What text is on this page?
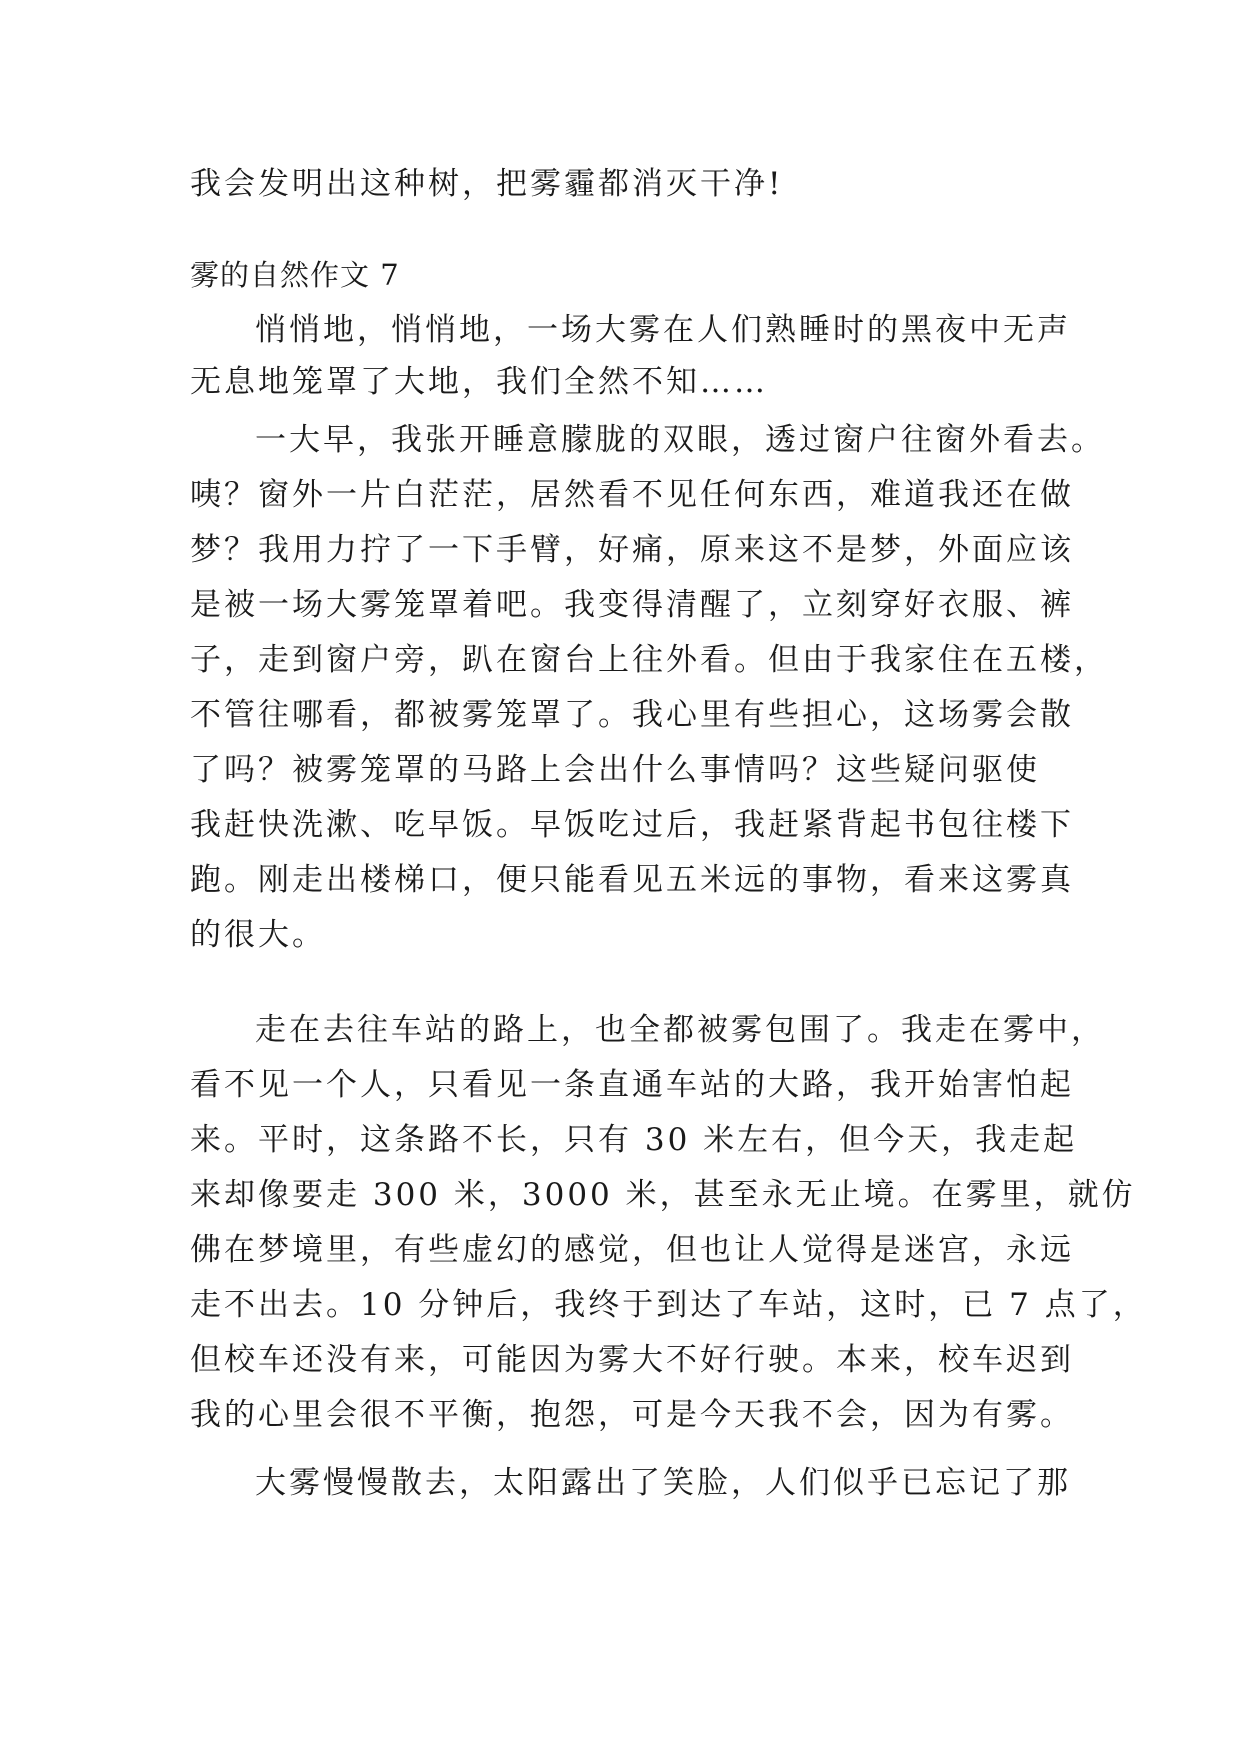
我会发明出这种树，把雾霾都消灭干净!
雾的自然作文 7
悄悄地，悄悄地，一场大雾在人们熟睡时的黑夜中无声
无息地笼罩了大地，我们全然不知……
一大早，我张开睡意朦胧的双眼，透过窗户往窗外看去。
咦？窗外一片白茫茫，居然看不见任何东西，难道我还在做
梦？我用力拧了一下手臂，好痛，原来这不是梦，外面应该
是被一场大雾笼罩着吧。我变得清醒了，立刻穿好衣服、裤
子，走到窗户旁，趴在窗台上往外看。但由于我家住在五楼，
不管往哪看，都被雾笼罩了。我心里有些担心，这场雾会散
了吗？被雾笼罩的马路上会出什么事情吗？这些疑问驱使
我赶快洗漱、吃早饭。早饭吃过后，我赶紧背起书包往楼下
跑。刚走出楼梯口，便只能看见五米远的事物，看来这雾真
的很大。
走在去往车站的路上，也全都被雾包围了。我走在雾中，
看不见一个人，只看见一条直通车站的大路，我开始害怕起
来。平时，这条路不长，只有 30 米左右，但今天，我走起
来却像要走 300 米，3000 米，甚至永无止境。在雾里，就仿
佛在梦境里，有些虚幻的感觉，但也让人觉得是迷宫，永远
走不出去。10 分钟后，我终于到达了车站，这时，已 7 点了，
但校车还没有来，可能因为雾大不好行驶。本来，校车迟到
我的心里会很不平衡，抱怨，可是今天我不会，因为有雾。
大雾慢慢散去，太阳露出了笑脸，人们似乎已忘记了那
